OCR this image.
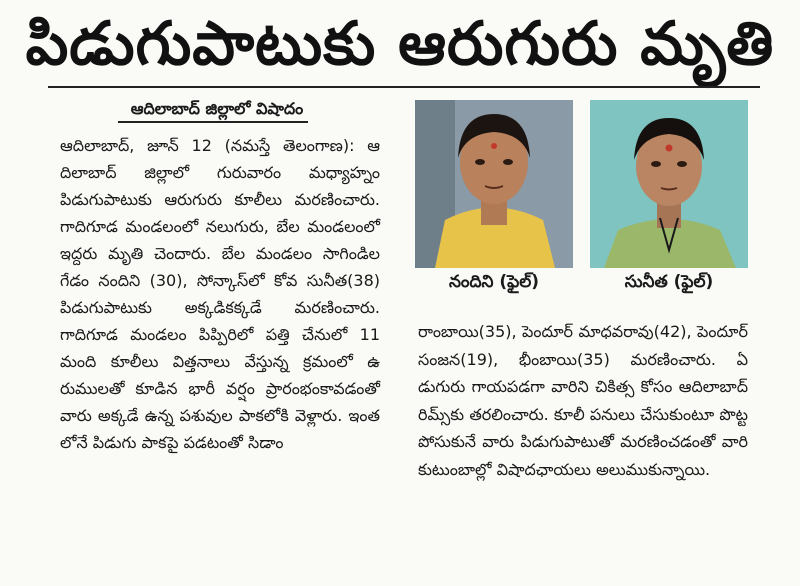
పిడుగుపాటుకు ఆరుగురు మృతి
ఆదిలాబాద్ జిల్లాలో విషాదం
ఆదిలాబాద్, జూన్ 12 (నమస్తే తెలంగాణ): ఆదిలాబాద్ జిల్లాలో గురువారం మధ్యాహ్నం పిడుగుపాటుకు ఆరుగురు కూలీలు మరణించారు. గాదిగూడ మండలంలో నలుగురు, బేల మండలంలో ఇద్దరు మృతి చెందారు. బేల మండలం సాగిండిల గేడం నందిని (30), సోన్కాస్‌లో కోవ సునీత(38) పిడుగుపాటుకు అక్కడికక్కడే మరణించారు. గాదిగూడ మండలం పిప్పిరిలో పత్తి చేనులో 11 మంది కూలీలు విత్తనాలు వేస్తున్న క్రమంలో ఉరుములతో కూడిన భారీ వర్షం ప్రారంభంకావడంతో వారు అక్కడే ఉన్న పశువుల పాకలోకి వెళ్లారు. ఇంతలోనే పిడుగు పాకపై పడటంతో సిడాం
నందిని (ఫైల్)	సునీత (ఫైల్)
రాంబాయి(35), పెందూర్ మాధవరావు(42), పెందూర్ సంజన(19), భీంబాయి(35) మరణించారు. ఏడుగురు గాయపడగా వారిని చికిత్స కోసం ఆదిలాబాద్ రిమ్స్‌కు తరలించారు. కూలీ పనులు చేసుకుంటూ పొట్టపోసుకునే వారు పిడుగుపాటుతో మరణించడంతో వారి కుటుంబాల్లో విషాదఛాయలు అలుముకున్నాయి.
